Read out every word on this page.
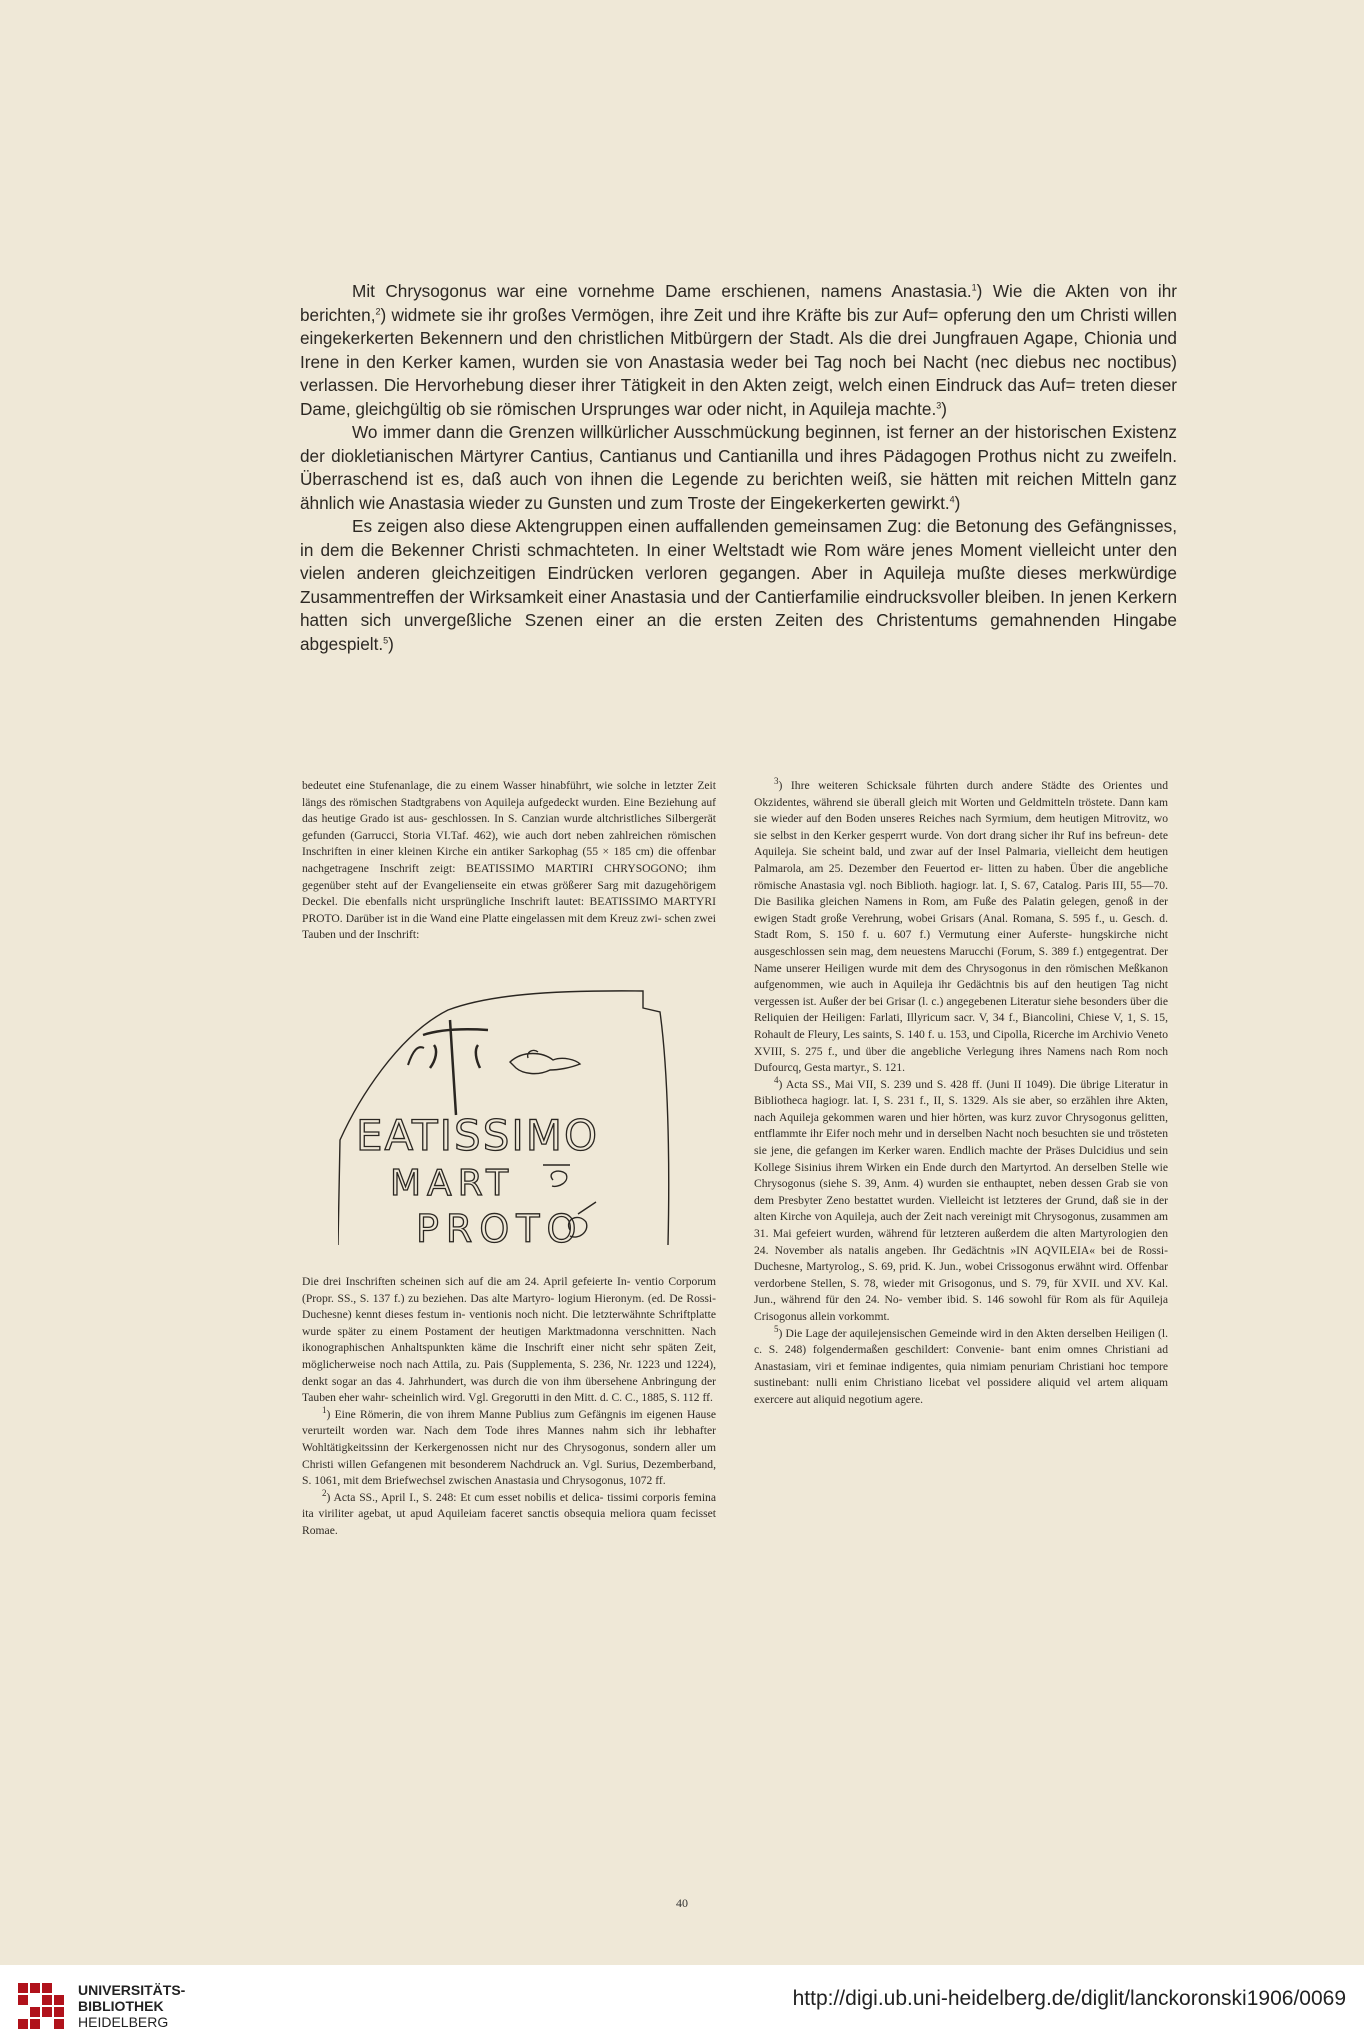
Mit Chrysogonus war eine vornehme Dame erschienen, namens Anastasia.$^1$) Wie die Akten von ihr berichten,$^2$) widmete sie ihr großes Vermögen, ihre Zeit und ihre Kräfte bis zur Auf= opferung den um Christi willen eingekerkerten Bekennern und den christlichen Mitbürgern der Stadt. Als die drei Jungfrauen Agape, Chionia und Irene in den Kerker kamen, wurden sie von Anastasia weder bei Tag noch bei Nacht (nec diebus nec noctibus) verlassen. Die Hervorhebung dieser ihrer Tätigkeit in den Akten zeigt, welch einen Eindruck das Auf= treten dieser Dame, gleichgültig ob sie römischen Ursprunges war oder nicht, in Aquileja machte.$^3$)

Wo immer dann die Grenzen willkürlicher Ausschmückung beginnen, ist ferner an der historischen Existenz der diokletianischen Märtyrer Cantius, Cantianus und Cantianilla und ihres Pädagogen Prothus nicht zu zweifeln. Überraschend ist es, daß auch von ihnen die Legende zu berichten weiß, sie hätten mit reichen Mitteln ganz ähnlich wie Anastasia wieder zu Gunsten und zum Troste der Eingekerkerten gewirkt.$^4$)

Es zeigen also diese Aktengruppen einen auffallenden gemeinsamen Zug: die Betonung des Gefängnisses, in dem die Bekenner Christi schmachteten. In einer Weltstadt wie Rom wäre jenes Moment vielleicht unter den vielen anderen gleichzeitigen Eindrücken verloren gegangen. Aber in Aquileja mußte dieses merkwürdige Zusammentreffen der Wirksamkeit einer Anastasia und der Cantierfamilie eindrucksvoller bleiben. In jenen Kerkern hatten sich unvergeßliche Szenen einer an die ersten Zeiten des Christentums gemahnenden Hingabe abgespielt.$^5$)

bedeutet eine Stufenanlage, die zu einem Wasser hinabführt, wie solche in letzter Zeit längs des römischen Stadtgrabens von Aquileja aufgedeckt wurden. Eine Beziehung auf das heutige Grado ist aus- geschlossen. In S. Canzian wurde altchristliches Silbergerät gefunden (Garrucci, Storia VI.Taf. 462), wie auch dort neben zahlreichen römischen Inschriften in einer kleinen Kirche ein antiker Sarkophag (55 × 185 cm) die offenbar nachgetragene Inschrift zeigt: BEATISSIMO MARTIRI CHRYSOGONO; ihm gegenüber steht auf der Evangelienseite ein etwas größerer Sarg mit dazugehörigem Deckel. Die ebenfalls nicht ursprüngliche Inschrift lautet: BEATISSIMO MARTYRI PROTO. Darüber ist in die Wand eine Platte eingelassen mit dem Kreuz zwi- schen zwei Tauben und der Inschrift:

EATISSIMO
MART
PROTO

Die drei Inschriften scheinen sich auf die am 24. April gefeierte In- ventio Corporum (Propr. SS., S. 137 f.) zu beziehen. Das alte Martyro- logium Hieronym. (ed. De Rossi-Duchesne) kennt dieses festum in- ventionis noch nicht. Die letzterwähnte Schriftplatte wurde später zu einem Postament der heutigen Marktmadonna verschnitten. Nach ikonographischen Anhaltspunkten käme die Inschrift einer nicht sehr späten Zeit, möglicherweise noch nach Attila, zu. Pais (Supplementa, S. 236, Nr. 1223 und 1224), denkt sogar an das 4. Jahrhundert, was durch die von ihm übersehene Anbringung der Tauben eher wahr- scheinlich wird. Vgl. Gregorutti in den Mitt. d. C. C., 1885, S. 112 ff.

$^1$) Eine Römerin, die von ihrem Manne Publius zum Gefängnis im eigenen Hause verurteilt worden war. Nach dem Tode ihres Mannes nahm sich ihr lebhafter Wohltätigkeitssinn der Kerkergenossen nicht nur des Chrysogonus, sondern aller um Christi willen Gefangenen mit besonderem Nachdruck an. Vgl. Surius, Dezemberband, S. 1061, mit dem Briefwechsel zwischen Anastasia und Chrysogonus, 1072 ff.

$^2$) Acta SS., April I., S. 248: Et cum esset nobilis et delica- tissimi corporis femina ita viriliter agebat, ut apud Aquileiam faceret sanctis obsequia meliora quam fecisset Romae.

$^3$) Ihre weiteren Schicksale führten durch andere Städte des Orientes und Okzidentes, während sie überall gleich mit Worten und Geldmitteln tröstete. Dann kam sie wieder auf den Boden unseres Reiches nach Syrmium, dem heutigen Mitrovitz, wo sie selbst in den Kerker gesperrt wurde. Von dort drang sicher ihr Ruf ins befreun- dete Aquileja. Sie scheint bald, und zwar auf der Insel Palmaria, vielleicht dem heutigen Palmarola, am 25. Dezember den Feuertod er- litten zu haben. Über die angebliche römische Anastasia vgl. noch Biblioth. hagiogr. lat. I, S. 67, Catalog. Paris III, 55—70. Die Basilika gleichen Namens in Rom, am Fuße des Palatin gelegen, genoß in der ewigen Stadt große Verehrung, wobei Grisars (Anal. Romana, S. 595 f., u. Gesch. d. Stadt Rom, S. 150 f. u. 607 f.) Vermutung einer Auferste- hungskirche nicht ausgeschlossen sein mag, dem neuestens Marucchi (Forum, S. 389 f.) entgegentrat. Der Name unserer Heiligen wurde mit dem des Chrysogonus in den römischen Meßkanon aufgenommen, wie auch in Aquileja ihr Gedächtnis bis auf den heutigen Tag nicht vergessen ist. Außer der bei Grisar (l. c.) angegebenen Literatur siehe besonders über die Reliquien der Heiligen: Farlati, Illyricum sacr. V, 34 f., Biancolini, Chiese V, 1, S. 15, Rohault de Fleury, Les saints, S. 140 f. u. 153, und Cipolla, Ricerche im Archivio Veneto XVIII, S. 275 f., und über die angebliche Verlegung ihres Namens nach Rom noch Dufourcq, Gesta martyr., S. 121.

$^4$) Acta SS., Mai VII, S. 239 und S. 428 ff. (Juni II 1049). Die übrige Literatur in Bibliotheca hagiogr. lat. I, S. 231 f., II, S. 1329. Als sie aber, so erzählen ihre Akten, nach Aquileja gekommen waren und hier hörten, was kurz zuvor Chrysogonus gelitten, entflammte ihr Eifer noch mehr und in derselben Nacht noch besuchten sie und trösteten sie jene, die gefangen im Kerker waren. Endlich machte der Präses Dulcidius und sein Kollege Sisinius ihrem Wirken ein Ende durch den Martyrtod. An derselben Stelle wie Chrysogonus (siehe S. 39, Anm. 4) wurden sie enthauptet, neben dessen Grab sie von dem Presbyter Zeno bestattet wurden. Vielleicht ist letzteres der Grund, daß sie in der alten Kirche von Aquileja, auch der Zeit nach vereinigt mit Chrysogonus, zusammen am 31. Mai gefeiert wurden, während für letzteren außerdem die alten Martyrologien den 24. November als natalis angeben. Ihr Gedächtnis »IN AQVILEIA« bei de Rossi- Duchesne, Martyrolog., S. 69, prid. K. Jun., wobei Crissogonus erwähnt wird. Offenbar verdorbene Stellen, S. 78, wieder mit Grisogonus, und S. 79, für XVII. und XV. Kal. Jun., während für den 24. No- vember ibid. S. 146 sowohl für Rom als für Aquileja Crisogonus allein vorkommt.

$^5$) Die Lage der aquilejensischen Gemeinde wird in den Akten derselben Heiligen (l. c. S. 248) folgendermaßen geschildert: Convenie- bant enim omnes Christiani ad Anastasiam, viri et feminae indigentes, quia nimiam penuriam Christiani hoc tempore sustinebant: nulli enim Christiano licebat vel possidere aliquid vel artem aliquam exercere aut aliquid negotium agere.

40
UNIVERSITÄTS-
BIBLIOTHEK
HEIDELBERG
http://digi.ub.uni-heidelberg.de/diglit/lanckoronski1906/0069
